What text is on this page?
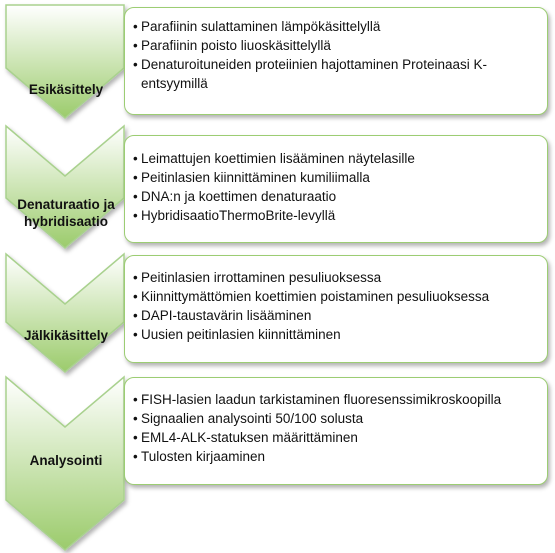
Esikäsittely
Denaturaatio ja hybridisaatio
Jälkikäsittely
Analysointi
• Parafiinin sulattaminen lämpökäsittelyllä
• Parafiinin poisto liuoskäsittelyllä
• Denaturoituneiden proteiinien hajottaminen Proteinaasi K-entsyymillä
• Leimattujen koettimien lisääminen näytelasille
• Peitinlasien kiinnittäminen kumiliimalla
• DNA:n ja koettimen denaturaatio
• HybridisaatioThermoBrite-levyllä
• Peitinlasien irrottaminen pesuliuoksessa
• Kiinnittymättömien koettimien poistaminen pesuliuoksessa
• DAPI-taustavärin lisääminen
• Uusien peitinlasien kiinnittäminen
• FISH-lasien laadun tarkistaminen fluoresenssimikroskoopilla
• Signaalien analysointi 50/100 solusta
• EML4-ALK-statuksen määrittäminen
• Tulosten kirjaaminen
